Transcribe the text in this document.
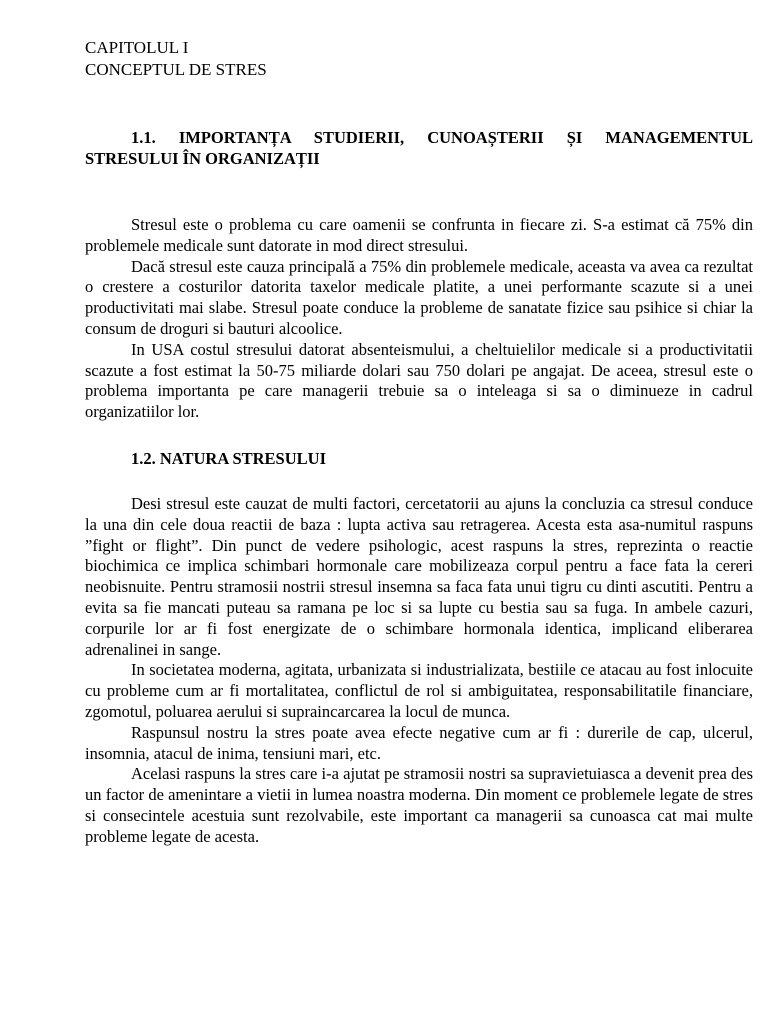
CAPITOLUL I
CONCEPTUL DE STRES
1.1. IMPORTANȚA STUDIERII, CUNOAȘTERII ȘI MANAGEMENTUL STRESULUI ÎN ORGANIZAȚII

Stresul este o problema cu care oamenii se confrunta in fiecare zi. S-a estimat că 75% din problemele medicale sunt datorate in mod direct stresului.

Dacă stresul este cauza principală a 75% din problemele medicale, aceasta va avea ca rezultat o crestere a costurilor datorita taxelor medicale platite, a unei performante scazute si a unei productivitati mai slabe. Stresul poate conduce la probleme de sanatate fizice sau psihice si chiar la consum de droguri si bauturi alcoolice.

In USA costul stresului datorat absenteismului, a cheltuielilor medicale si a productivitatii scazute a fost estimat la 50-75 miliarde dolari sau 750 dolari pe angajat. De aceea, stresul este o problema importanta pe care managerii trebuie sa o inteleaga si sa o diminueze in cadrul organizatiilor lor.

1.2. NATURA STRESULUI

Desi stresul este cauzat de multi factori, cercetatorii au ajuns la concluzia ca stresul conduce la una din cele doua reactii de baza : lupta activa sau retragerea. Acesta esta asa-numitul raspuns ”fight or flight”. Din punct de vedere psihologic, acest raspuns la stres, reprezinta o reactie biochimica ce implica schimbari hormonale care mobilizeaza corpul pentru a face fata la cereri neobisnuite. Pentru stramosii nostrii stresul insemna sa faca fata unui tigru cu dinti ascutiti. Pentru a evita sa fie mancati puteau sa ramana pe loc si sa lupte cu bestia sau sa fuga. In ambele cazuri, corpurile lor ar fi fost energizate de o schimbare hormonala identica, implicand eliberarea adrenalinei in sange.

In societatea moderna, agitata, urbanizata si industrializata, bestiile ce atacau au fost inlocuite cu probleme cum ar fi mortalitatea, conflictul de rol si ambiguitatea, responsabilitatile financiare, zgomotul, poluarea aerului si supraincarcarea la locul de munca.

Raspunsul nostru la stres poate avea efecte negative cum ar fi : durerile de cap, ulcerul, insomnia, atacul de inima, tensiuni mari, etc.

Acelasi raspuns la stres care i-a ajutat pe stramosii nostri sa supravietuiasca a devenit prea des un factor de amenintare a vietii in lumea noastra moderna. Din moment ce problemele legate de stres si consecintele acestuia sunt rezolvabile, este important ca managerii sa cunoasca cat mai multe probleme legate de acesta.
